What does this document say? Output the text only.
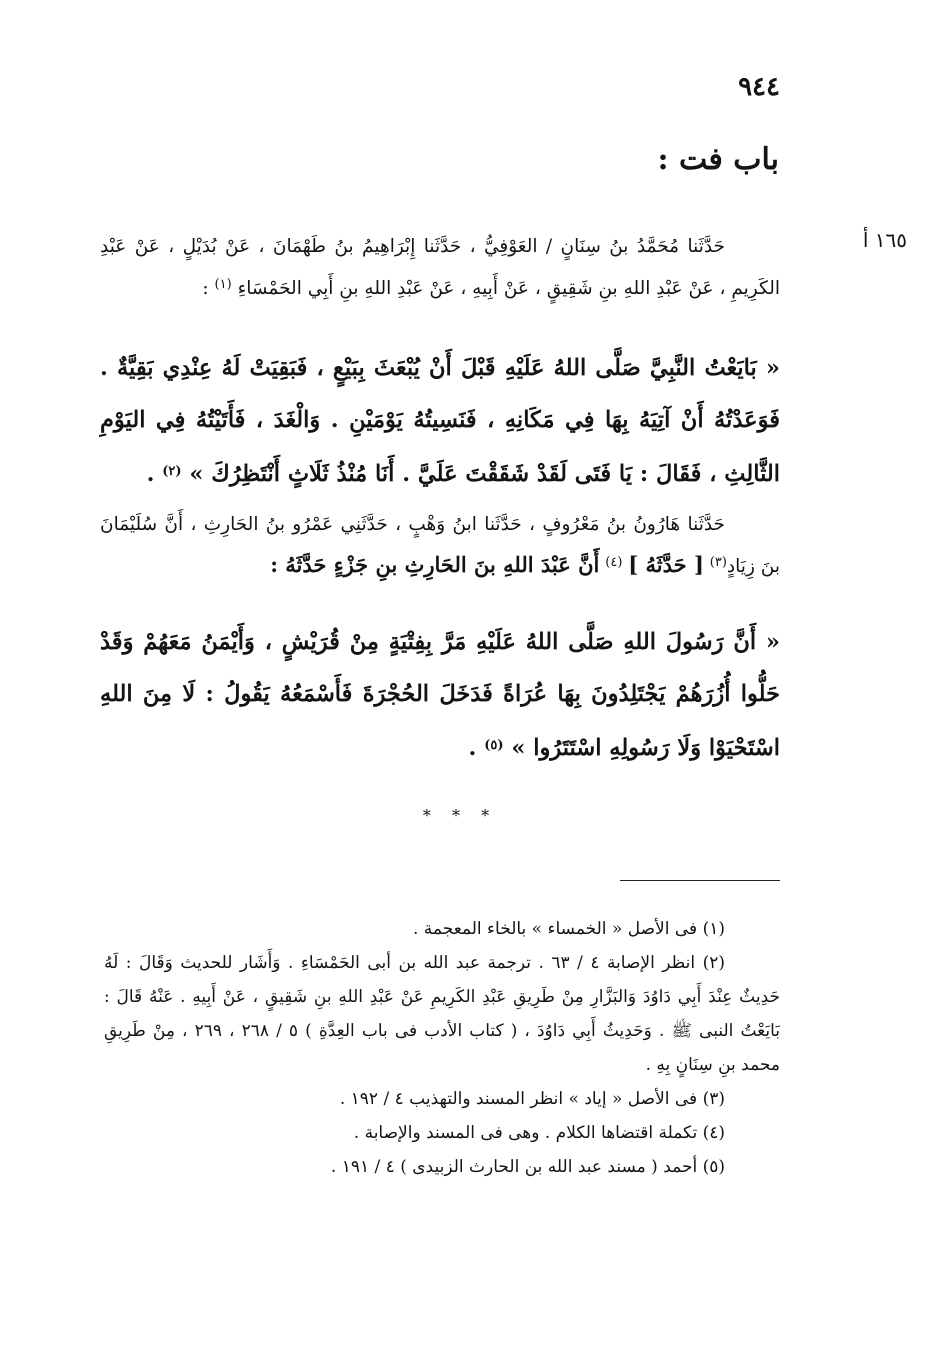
٩٤٤
باب فت :
١٦٥ أ
حَدَّثَنا مُحَمَّدُ بنُ سِنَانٍ / العَوْفِيُّ ، حَدَّثَنا إِبْرَاهِيمُ بنُ طَهْمَانَ ، عَنْ بُدَيْلٍ ، عَنْ عَبْدِ الكَرِيمِ ، عَنْ عَبْدِ اللهِ بنِ شَقِيقٍ ، عَنْ أَبِيهِ ، عَنْ عَبْدِ اللهِ بنِ أَبِي الحَمْسَاءِ $^{(١)}$ :
« بَايَعْتُ النَّبِيَّ صَلَّى اللهُ عَلَيْهِ قَبْلَ أَنْ يُبْعَثَ بِبَيْعٍ ، فَبَقِيَتْ لَهُ عِنْدِي بَقِيَّةٌ . فَوَعَدْتُهُ أَنْ آتِيَهُ بِهَا فِي مَكَانِهِ ، فَنَسِيتُهُ يَوْمَيْنِ . وَالْغَدَ ، فَأَتَيْتُهُ فِي اليَوْمِ الثَّالِثِ ، فَقَالَ : يَا فَتَى لَقَدْ شَقَقْتَ عَلَيَّ . أَنَا مُنْذُ ثَلَاثٍ أَنْتَظِرُكَ » $^{(٢)}$ .
حَدَّثَنا هَارُونُ بنُ مَعْرُوفٍ ، حَدَّثَنا ابنُ وَهْبٍ ، حَدَّثَنِي عَمْرُو بنُ الحَارِثِ ، أَنَّ سُلَيْمَانَ بنَ زِيَادٍ$^{(٣)}$ [ حَدَّثَهُ ] $^{(٤)}$ أَنَّ عَبْدَ اللهِ بنَ الحَارِثِ بنِ جَزْءٍ حَدَّثَهُ :
« أَنَّ رَسُولَ اللهِ صَلَّى اللهُ عَلَيْهِ مَرَّ بِفِتْيَةٍ مِنْ قُرَيْشٍ ، وَأَيْمَنُ مَعَهُمْ وَقَدْ حَلُّوا أُزُرَهُمْ يَجْتَلِدُونَ بِهَا عُرَاةً فَدَخَلَ الحُجْرَةَ فَأَسْمَعُهُ يَقُولُ : لَا مِنَ اللهِ اسْتَحْيَوْا وَلَا رَسُولِهِ اسْتَتَرُوا » $^{(٥)}$ .
* * *
(١) فى الأصل « الخمساء » بالخاء المعجمة .
(٢) انظر الإصابة ٤ / ٦٣ . ترجمة عبد الله بن أبى الحَمْسَاءِ . وَأَشَار للحديث وَقَالَ : لَهُ حَدِيثٌ عِنْدَ أَبِي دَاوُدَ وَالبَزَّارِ مِنْ طَرِيقِ عَبْدِ الكَرِيمِ عَنْ عَبْدِ اللهِ بنِ شَقِيقٍ ، عَنْ أَبِيهِ . عَنْهُ قَالَ : بَايَعْتُ النبى ﷺ . وَحَدِيثُ أَبِي دَاوُدَ ، ( كتاب الأدب فى باب العِدَّةِ ) ٥ / ٢٦٨ ، ٢٦٩ ، مِنْ طَرِيقِ محمد بنِ سِنَانٍ بِهِ .
(٣) فى الأصل « إياد » انظر المسند والتهذيب ٤ / ١٩٢ .
(٤) تكملة اقتضاها الكلام . وهى فى المسند والإصابة .
(٥) أحمد ( مسند عبد الله بن الحارث الزبيدى ) ٤ / ١٩١ .
